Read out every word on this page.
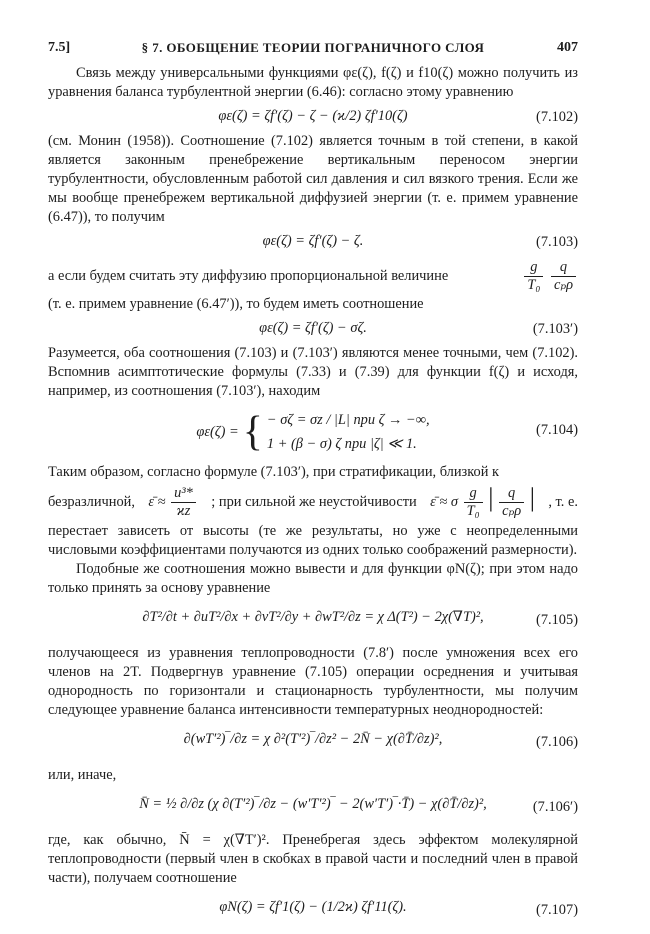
7.5]	§ 7. ОБОБЩЕНИЕ ТЕОРИИ ПОГРАНИЧНОГО СЛОЯ	407

Связь между универсальными функциями φε(ζ), f(ζ) и f10(ζ) можно получить из уравнения баланса турбулентной энергии (6.46): согласно этому уравнению

φε(ζ) = ζf′(ζ) − ζ − (ϰ/2) ζf′10(ζ)	(7.102)

(см. Монин (1958)). Соотношение (7.102) является точным в той степени, в какой является законным пренебрежение вертикальным переносом энергии турбулентности, обусловленным работой сил давления и сил вязкого трения. Если же мы вообще пренебрежем вертикальной диффузией энергии (т. е. примем уравнение (6.47)), то получим

φε(ζ) = ζf′(ζ) − ζ.	(7.103)
а если будем считать эту диффузию пропорциональной величине	$\frac{g}{\text{T₀}}$
$\frac{q}{\text{cₚρ}}$

(т. е. примем уравнение (6.47′)), то будем иметь соотношение

φε(ζ) = ζf′(ζ) − σζ.	(7.103′)

Разумеется, оба соотношения (7.103) и (7.103′) являются менее точными, чем (7.102). Вспомнив асимптотические формулы (7.33) и (7.39) для функции f(ζ) и исходя, например, из соотношения (7.103′), находим

φε(ζ) = { − σζ = σz / |L| при ζ → −∞,
1 + (β − σ) ζ при |ζ| ≪ 1.
(7.104)

Таким образом, согласно формуле (7.103′), при стратификации, близкой к

безразличной, ε̄ ≈ $\frac{\text{u³*}}{ϰz}$ ; при сильной же неустойчивости ε̄ ≈ σ $\frac{g}{\text{T₀}}$ | $\frac{q}{\text{cₚρ}}$ | , т. е.

перестает зависеть от высоты (те же результаты, но уже с неопределенными числовыми коэффициентами получаются из одних только соображений размерности).

Подобные же соотношения можно вывести и для функции φN(ζ); при этом надо только принять за основу уравнение

∂T²/∂t + ∂uT²/∂x + ∂vT²/∂y + ∂wT²/∂z = χ Δ(T²) − 2χ(∇T)²,	(7.105)

получающееся из уравнения теплопроводности (7.8′) после умножения всех его членов на 2T. Подвергнув уравнение (7.105) операции осреднения и учитывая однородность по горизонтали и стационарность турбулентности, мы получим следующее уравнение баланса интенсивности температурных неоднородностей:

∂(wT′²)‾/∂z = χ ∂²(T′²)‾/∂z² − 2N̄ − χ(∂T̄/∂z)²,	(7.106)

или, иначе,

N̄ = ½ ∂/∂z (χ ∂(T′²)‾/∂z − (w′T′²)‾ − 2(w′T′)‾·T̄) − χ(∂T̄/∂z)²,	(7.106′)

где, как обычно, N̄ = χ(∇T′)². Пренебрегая здесь эффектом молекулярной теплопроводности (первый член в скобках в правой части и последний член в правой части), получаем соотношение

φN(ζ) = ζf′1(ζ) − (1/2ϰ) ζf′11(ζ).	(7.107)
